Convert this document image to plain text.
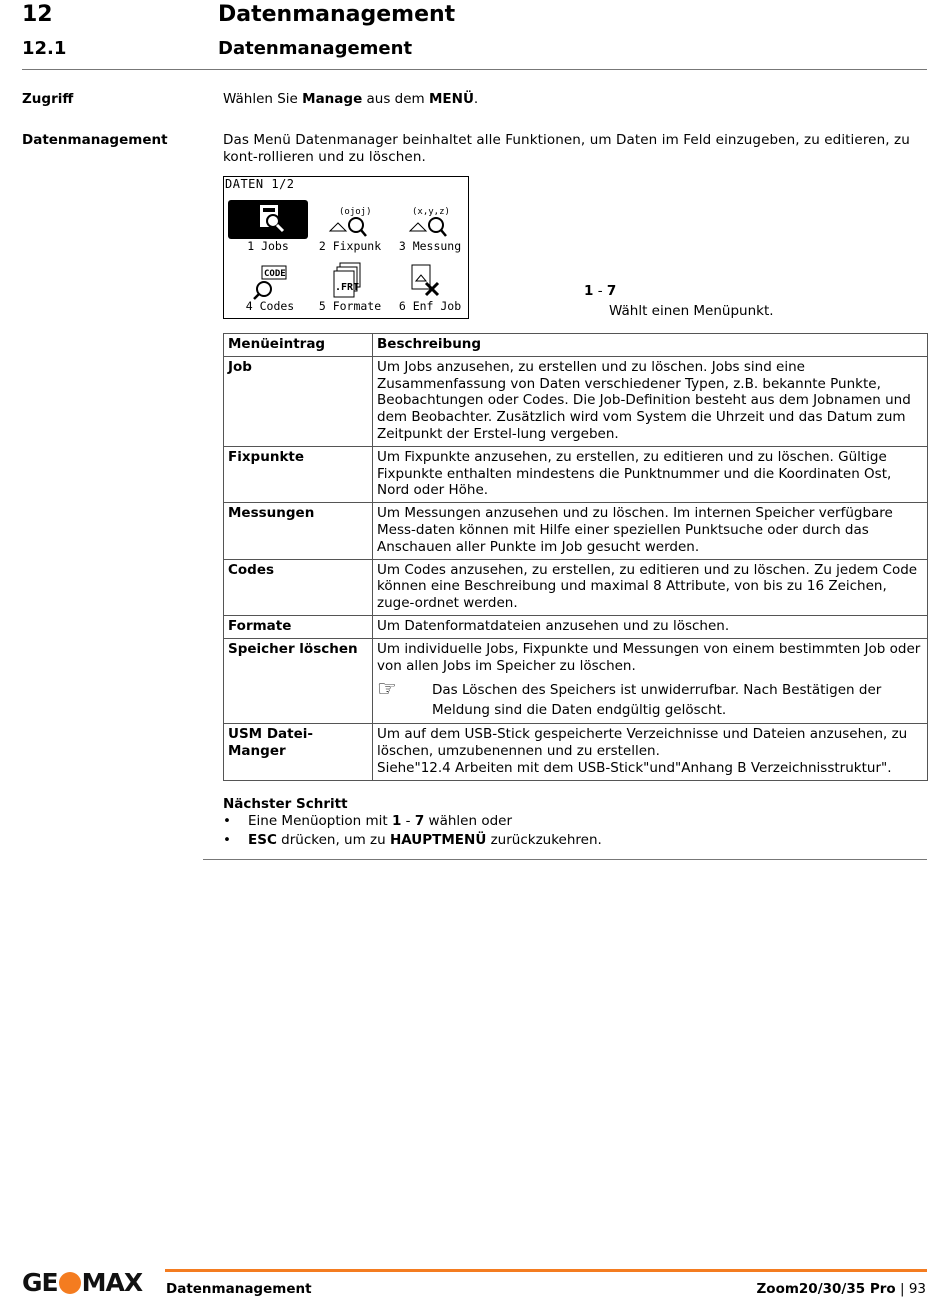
12	Datenmanagement
12.1	Datenmanagement
Zugriff	Wählen Sie Manage aus dem MENÜ.
Datenmanagement	Das Menü Datenmanager beinhaltet alle Funktionen, um Daten im Feld einzugeben, zu editieren, zu kont-rollieren und zu löschen.
DATEN 1/2
1 Jobs
(ojoj)
2 Fixpunk
(x,y,z)
3 Messung
CODE
4 Codes
.FRT
5 Formate	6 Enf Job
1 - 7
Wählt einen Menüpunkt.
Menüeintrag	Beschreibung
Job	Um Jobs anzusehen, zu erstellen und zu löschen. Jobs sind eine Zusammenfassung von Daten verschiedener Typen, z.B. bekannte Punkte, Beobachtungen oder Codes. Die Job-Definition besteht aus dem Jobnamen und dem Beobachter. Zusätzlich wird vom System die Uhrzeit und das Datum zum Zeitpunkt der Erstel-lung vergeben.
Fixpunkte	Um Fixpunkte anzusehen, zu erstellen, zu editieren und zu löschen. Gültige Fixpunkte enthalten mindestens die Punktnummer und die Koordinaten Ost, Nord oder Höhe.
Messungen	Um Messungen anzusehen und zu löschen. Im internen Speicher verfügbare Mess-daten können mit Hilfe einer speziellen Punktsuche oder durch das Anschauen aller Punkte im Job gesucht werden.
Codes	Um Codes anzusehen, zu erstellen, zu editieren und zu löschen. Zu jedem Code können eine Beschreibung und maximal 8 Attribute, von bis zu 16 Zeichen, zuge-ordnet werden.
Formate	Um Datenformatdateien anzusehen und zu löschen.
Speicher löschen	Um individuelle Jobs, Fixpunkte und Messungen von einem bestimmten Job oder von allen Jobs im Speicher zu löschen.
☞ Das Löschen des Speichers ist unwiderrufbar. Nach Bestätigen der Meldung sind die Daten endgültig gelöscht.

USM Datei-Manger	Um auf dem USB-Stick gespeicherte Verzeichnisse und Dateien anzusehen, zu löschen, umzubenennen und zu erstellen.
Siehe"12.4 Arbeiten mit dem USB-Stick"und"Anhang B Verzeichnisstruktur".
Nächster Schritt
• Eine Menüoption mit 1 - 7 wählen oder
• ESC drücken, um zu HAUPTMENÜ zurückzukehren.
GE MAX Datenmanagement	Zoom20/30/35 Pro | 93
